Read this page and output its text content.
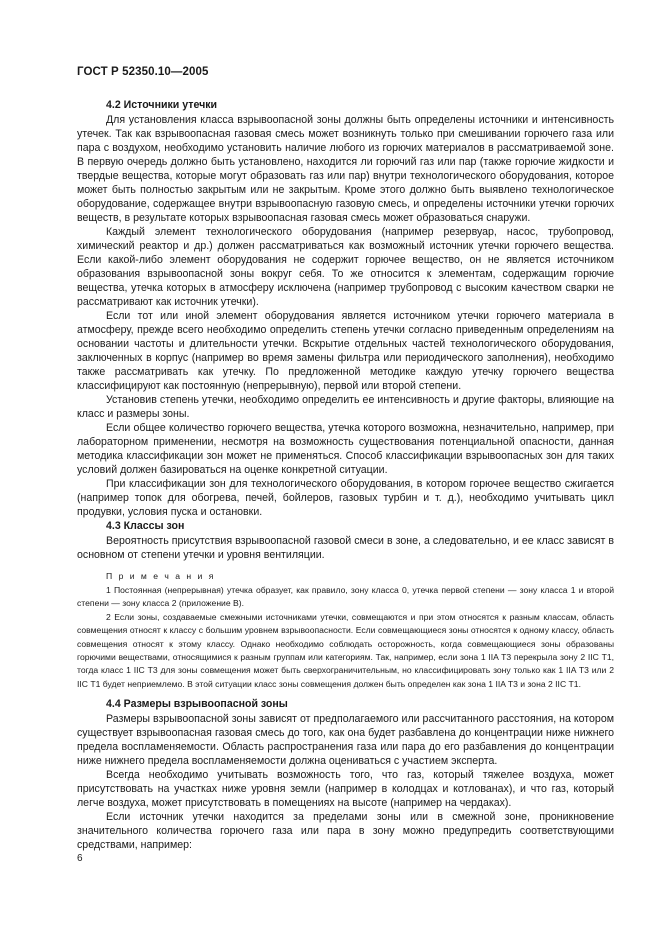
ГОСТ Р 52350.10—2005
4.2 Источники утечки

Для установления класса взрывоопасной зоны должны быть определены источники и интенсивность утечек. Так как взрывоопасная газовая смесь может возникнуть только при смешивании горючего газа или пара с воздухом, необходимо установить наличие любого из горючих материалов в рассматриваемой зоне. В первую очередь должно быть установлено, находится ли горючий газ или пар (также горючие жидкости и твердые вещества, которые могут образовать газ или пар) внутри технологического оборудования, которое может быть полностью закрытым или не закрытым. Кроме этого должно быть выявлено технологическое оборудование, содержащее внутри взрывоопасную газовую смесь, и определены источники утечки горючих веществ, в результате которых взрывоопасная газовая смесь может образоваться снаружи.

Каждый элемент технологического оборудования (например резервуар, насос, трубопровод, химический реактор и др.) должен рассматриваться как возможный источник утечки горючего вещества. Если какой-либо элемент оборудования не содержит горючее вещество, он не является источником образования взрывоопасной зоны вокруг себя. То же относится к элементам, содержащим горючие вещества, утечка которых в атмосферу исключена (например трубопровод с высоким качеством сварки не рассматривают как источник утечки).

Если тот или иной элемент оборудования является источником утечки горючего материала в атмосферу, прежде всего необходимо определить степень утечки согласно приведенным определениям на основании частоты и длительности утечки. Вскрытие отдельных частей технологического оборудования, заключенных в корпус (например во время замены фильтра или периодического заполнения), необходимо также рассматривать как утечку. По предложенной методике каждую утечку горючего вещества классифицируют как постоянную (непрерывную), первой или второй степени.

Установив степень утечки, необходимо определить ее интенсивность и другие факторы, влияющие на класс и размеры зоны.

Если общее количество горючего вещества, утечка которого возможна, незначительно, например, при лабораторном применении, несмотря на возможность существования потенциальной опасности, данная методика классификации зон может не применяться. Способ классификации взрывоопасных зон для таких условий должен базироваться на оценке конкретной ситуации.

При классификации зон для технологического оборудования, в котором горючее вещество сжигается (например топок для обогрева, печей, бойлеров, газовых турбин и т. д.), необходимо учитывать цикл продувки, условия пуска и остановки.

4.3 Классы зон

Вероятность присутствия взрывоопасной газовой смеси в зоне, а следовательно, и ее класс зависят в основном от степени утечки и уровня вентиляции.

П р и м е ч а н и я

1 Постоянная (непрерывная) утечка образует, как правило, зону класса 0, утечка первой степени — зону класса 1 и второй степени — зону класса 2 (приложение В).

2 Если зоны, создаваемые смежными источниками утечки, совмещаются и при этом относятся к разным классам, область совмещения относят к классу с большим уровнем взрывоопасности. Если совмещающиеся зоны относятся к одному классу, область совмещения относят к этому классу. Однако необходимо соблюдать осторожность, когда совмещающиеся зоны образованы горючими веществами, относящимися к разным группам или категориям. Так, например, если зона 1 IIA Т3 перекрыла зону 2 IIC Т1, тогда класс 1 IIC Т3 для зоны совмещения может быть сверхограничительным, но классифицировать зону только как 1 IIA Т3 или 2 IIC Т1 будет неприемлемо. В этой ситуации класс зоны совмещения должен быть определен как зона 1 IIA Т3 и зона 2 IIC Т1.

4.4 Размеры взрывоопасной зоны

Размеры взрывоопасной зоны зависят от предполагаемого или рассчитанного расстояния, на котором существует взрывоопасная газовая смесь до того, как она будет разбавлена до концентрации ниже нижнего предела воспламеняемости. Область распространения газа или пара до его разбавления до концентрации ниже нижнего предела воспламеняемости должна оцениваться с участием эксперта.

Всегда необходимо учитывать возможность того, что газ, который тяжелее воздуха, может присутствовать на участках ниже уровня земли (например в колодцах и котлованах), и что газ, который легче воздуха, может присутствовать в помещениях на высоте (например на чердаках).

Если источник утечки находится за пределами зоны или в смежной зоне, проникновение значительного количества горючего газа или пара в зону можно предупредить соответствующими средствами, например:

6
